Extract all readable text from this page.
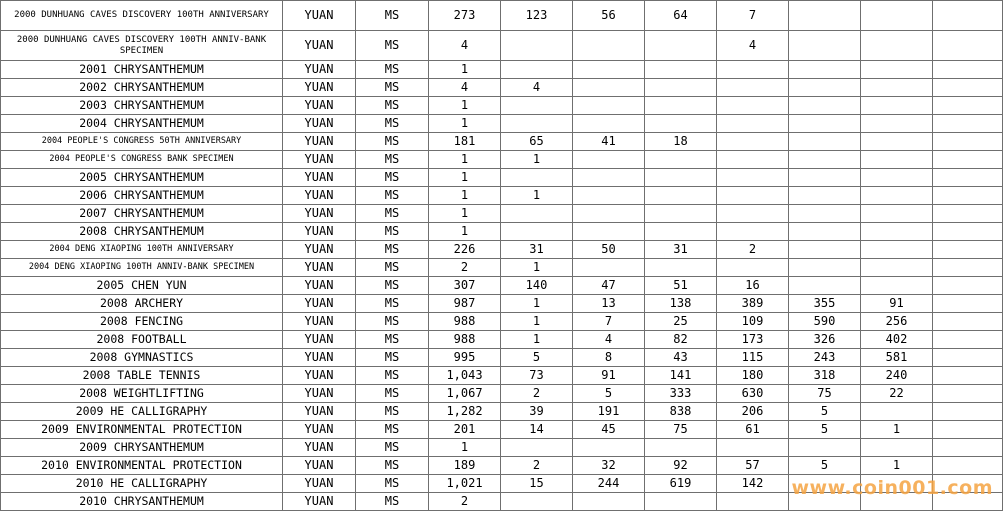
2000 DUNHUANG CAVES DISCOVERY 100TH ANNIVERSARY	YUAN	MS	273	123	56	64	7			
2000 DUNHUANG CAVES DISCOVERY 100TH ANNIV-BANK SPECIMEN	YUAN	MS	4				4			
2001 CHRYSANTHEMUM	YUAN	MS	1							
2002 CHRYSANTHEMUM	YUAN	MS	4	4						
2003 CHRYSANTHEMUM	YUAN	MS	1							
2004 CHRYSANTHEMUM	YUAN	MS	1							
2004 PEOPLE'S CONGRESS 50TH ANNIVERSARY	YUAN	MS	181	65	41	18				
2004 PEOPLE'S CONGRESS BANK SPECIMEN	YUAN	MS	1	1						
2005 CHRYSANTHEMUM	YUAN	MS	1							
2006 CHRYSANTHEMUM	YUAN	MS	1	1						
2007 CHRYSANTHEMUM	YUAN	MS	1							
2008 CHRYSANTHEMUM	YUAN	MS	1							
2004 DENG XIAOPING 100TH ANNIVERSARY	YUAN	MS	226	31	50	31	2			
2004 DENG XIAOPING 100TH ANNIV-BANK SPECIMEN	YUAN	MS	2	1						
2005 CHEN YUN	YUAN	MS	307	140	47	51	16			
2008 ARCHERY	YUAN	MS	987	1	13	138	389	355	91	
2008 FENCING	YUAN	MS	988	1	7	25	109	590	256	
2008 FOOTBALL	YUAN	MS	988	1	4	82	173	326	402	
2008 GYMNASTICS	YUAN	MS	995	5	8	43	115	243	581	
2008 TABLE TENNIS	YUAN	MS	1,043	73	91	141	180	318	240	
2008 WEIGHTLIFTING	YUAN	MS	1,067	2	5	333	630	75	22	
2009 HE CALLIGRAPHY	YUAN	MS	1,282	39	191	838	206	5		
2009 ENVIRONMENTAL PROTECTION	YUAN	MS	201	14	45	75	61	5	1	
2009 CHRYSANTHEMUM	YUAN	MS	1							
2010 ENVIRONMENTAL PROTECTION	YUAN	MS	189	2	32	92	57	5	1	
2010 HE CALLIGRAPHY	YUAN	MS	1,021	15	244	619	142			
2010 CHRYSANTHEMUM	YUAN	MS	2							
www.coin001.com
